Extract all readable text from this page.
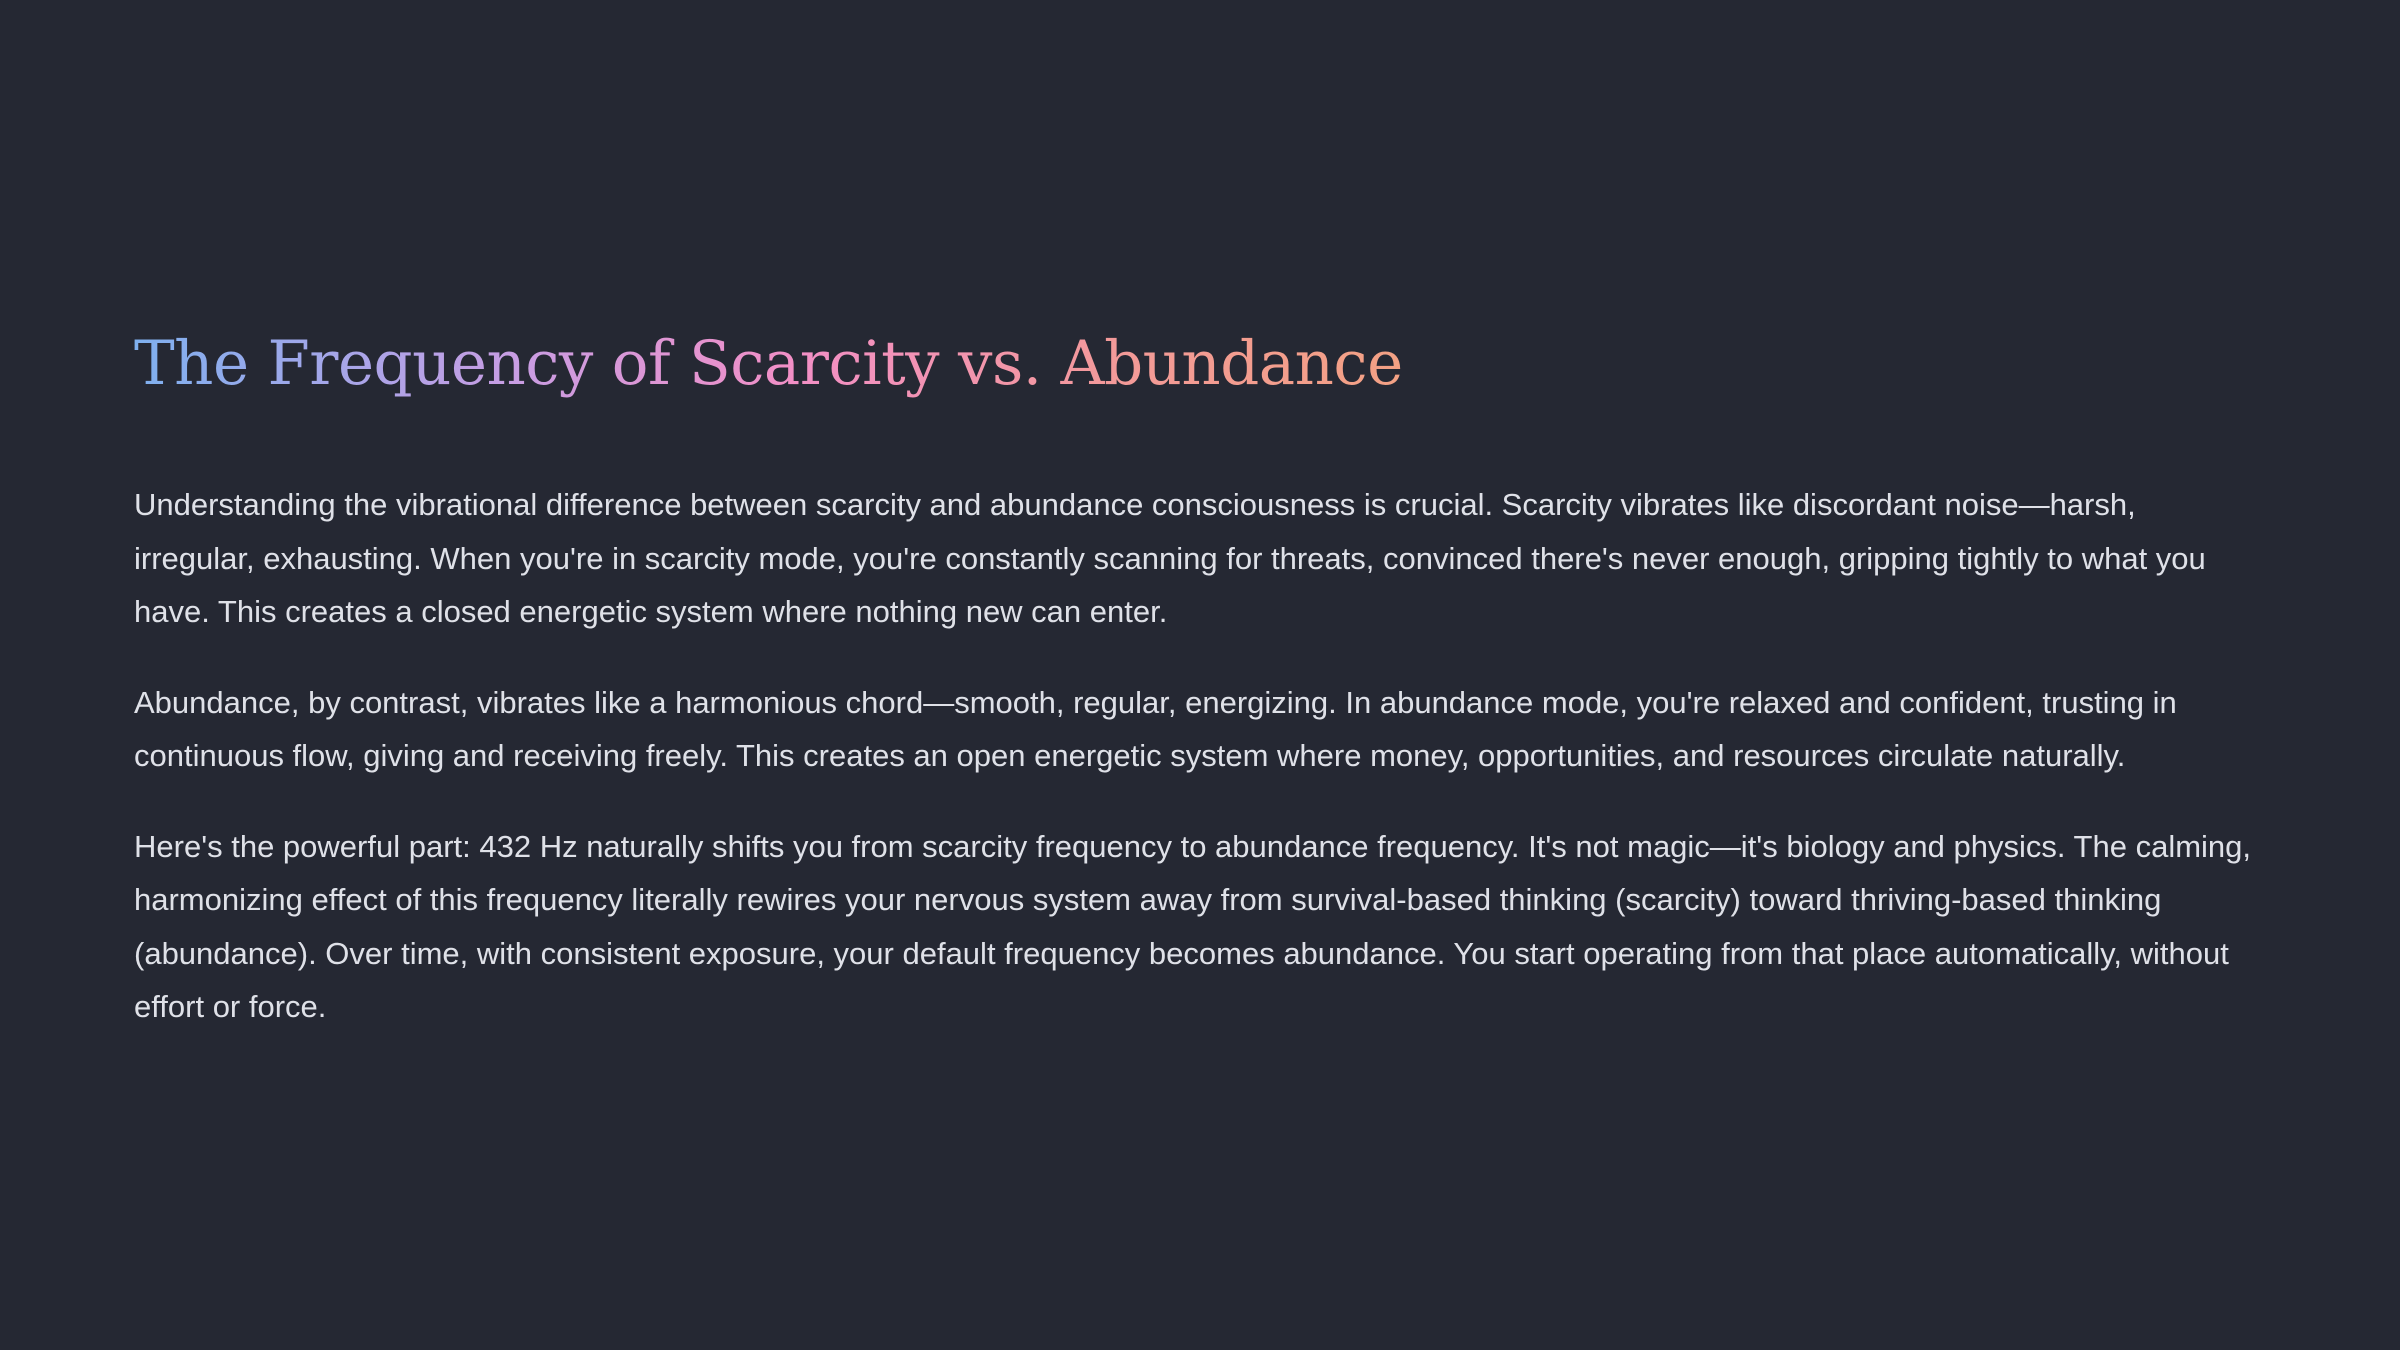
The Frequency of Scarcity vs. Abundance

Understanding the vibrational difference between scarcity and abundance consciousness is crucial. Scarcity vibrates like discordant noise—harsh, irregular, exhausting. When you're in scarcity mode, you're constantly scanning for threats, convinced there's never enough, gripping tightly to what you have. This creates a closed energetic system where nothing new can enter.

Abundance, by contrast, vibrates like a harmonious chord—smooth, regular, energizing. In abundance mode, you're relaxed and confident, trusting in continuous flow, giving and receiving freely. This creates an open energetic system where money, opportunities, and resources circulate naturally.

Here's the powerful part: 432 Hz naturally shifts you from scarcity frequency to abundance frequency. It's not magic—it's biology and physics. The calming, harmonizing effect of this frequency literally rewires your nervous system away from survival-based thinking (scarcity) toward thriving-based thinking (abundance). Over time, with consistent exposure, your default frequency becomes abundance. You start operating from that place automatically, without effort or force.
